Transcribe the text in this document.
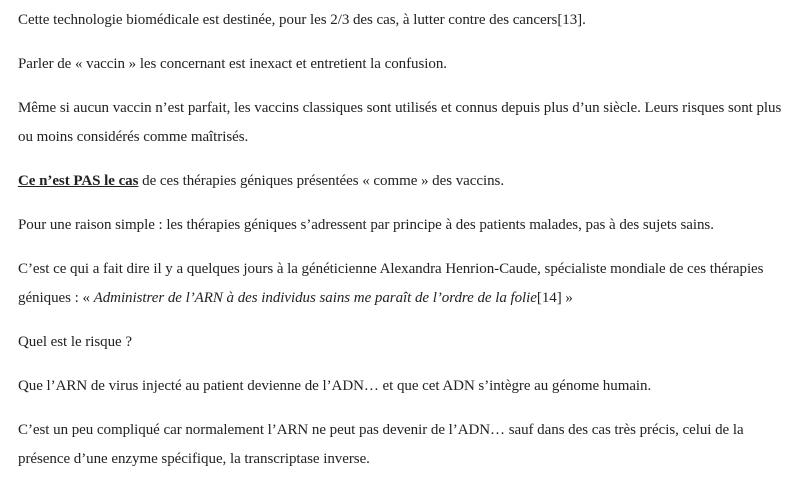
Cette technologie biomédicale est destinée, pour les 2/3 des cas, à lutter contre des cancers[13].

Parler de « vaccin » les concernant est inexact et entretient la confusion.

Même si aucun vaccin n’est parfait, les vaccins classiques sont utilisés et connus depuis plus d’un siècle. Leurs risques sont plus ou moins considérés comme maîtrisés.

Ce n’est PAS le cas de ces thérapies géniques présentées « comme » des vaccins.

Pour une raison simple : les thérapies géniques s’adressent par principe à des patients malades, pas à des sujets sains.

C’est ce qui a fait dire il y a quelques jours à la généticienne Alexandra Henrion-Caude, spécialiste mondiale de ces thérapies géniques : « Administrer de l’ARN à des individus sains me paraît de l’ordre de la folie[14] »

Quel est le risque ?

Que l’ARN de virus injecté au patient devienne de l’ADN… et que cet ADN s’intègre au génome humain.

C’est un peu compliqué car normalement l’ARN ne peut pas devenir de l’ADN… sauf dans des cas très précis, celui de la présence d’une enzyme spécifique, la transcriptase inverse.
